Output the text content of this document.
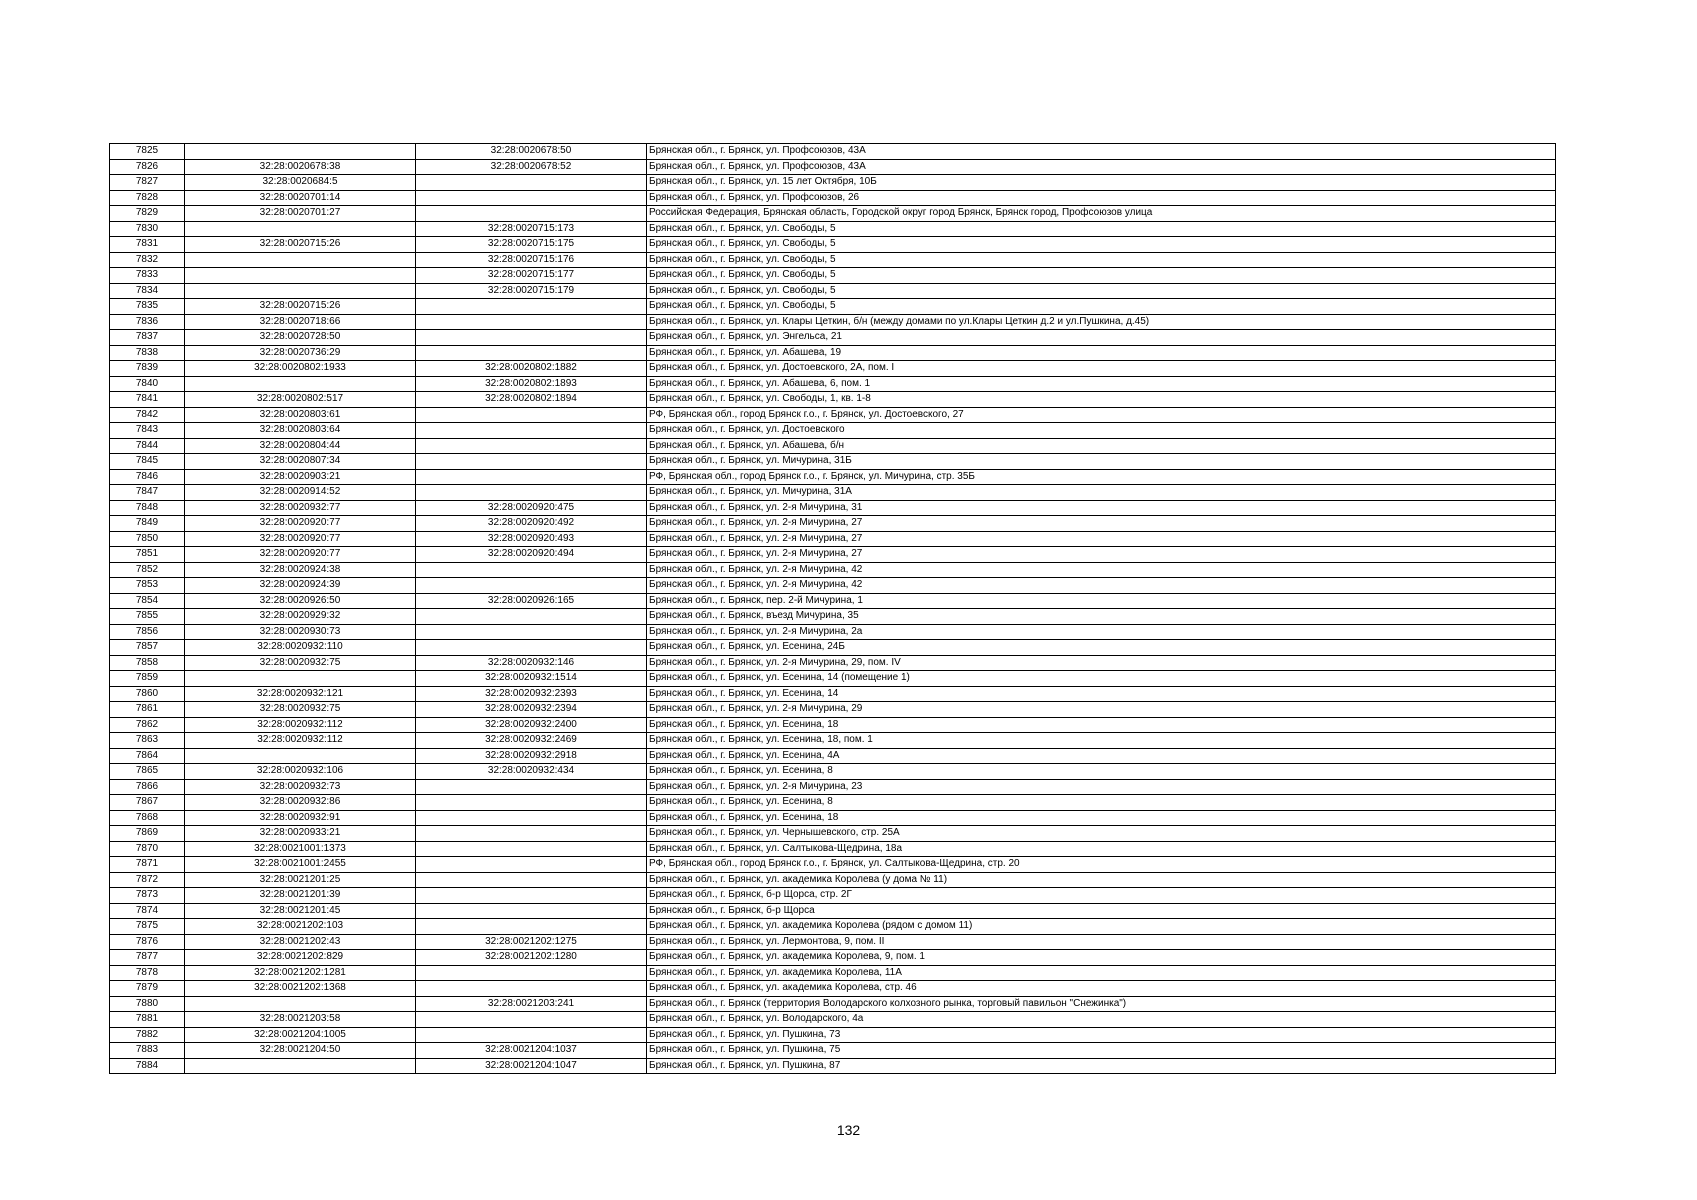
7825		32:28:0020678:50	Брянская обл., г. Брянск, ул. Профсоюзов, 43А
7826	32:28:0020678:38	32:28:0020678:52	Брянская обл., г. Брянск, ул. Профсоюзов, 43А
7827	32:28:0020684:5		Брянская обл., г. Брянск, ул. 15 лет Октября, 10Б
7828	32:28:0020701:14		Брянская обл., г. Брянск, ул. Профсоюзов, 26
7829	32:28:0020701:27		Российская Федерация, Брянская область, Городской округ город Брянск, Брянск город, Профсоюзов улица
7830		32:28:0020715:173	Брянская обл., г. Брянск, ул. Свободы, 5
7831	32:28:0020715:26	32:28:0020715:175	Брянская обл., г. Брянск, ул. Свободы, 5
7832		32:28:0020715:176	Брянская обл., г. Брянск, ул. Свободы, 5
7833		32:28:0020715:177	Брянская обл., г. Брянск, ул. Свободы, 5
7834		32:28:0020715:179	Брянская обл., г. Брянск, ул. Свободы, 5
7835	32:28:0020715:26		Брянская обл., г. Брянск, ул. Свободы, 5
7836	32:28:0020718:66		Брянская обл., г. Брянск, ул. Клары Цеткин, б/н (между домами по ул.Клары Цеткин д.2 и ул.Пушкина, д.45)
7837	32:28:0020728:50		Брянская обл., г. Брянск, ул. Энгельса, 21
7838	32:28:0020736:29		Брянская обл., г. Брянск, ул. Абашева, 19
7839	32:28:0020802:1933	32:28:0020802:1882	Брянская обл., г. Брянск, ул. Достоевского, 2А, пом. I
7840		32:28:0020802:1893	Брянская обл., г. Брянск, ул. Абашева, 6, пом. 1
7841	32:28:0020802:517	32:28:0020802:1894	Брянская обл., г. Брянск, ул. Свободы, 1, кв. 1-8
7842	32:28:0020803:61		РФ, Брянская обл., город Брянск г.о., г. Брянск, ул. Достоевского, 27
7843	32:28:0020803:64		Брянская обл., г. Брянск, ул. Достоевского
7844	32:28:0020804:44		Брянская обл., г. Брянск, ул. Абашева, б/н
7845	32:28:0020807:34		Брянская обл., г. Брянск, ул. Мичурина, 31Б
7846	32:28:0020903:21		РФ, Брянская обл., город Брянск г.о., г. Брянск, ул. Мичурина, стр. 35Б
7847	32:28:0020914:52		Брянская обл., г. Брянск, ул. Мичурина, 31А
7848	32:28:0020932:77	32:28:0020920:475	Брянская обл., г. Брянск, ул. 2-я Мичурина, 31
7849	32:28:0020920:77	32:28:0020920:492	Брянская обл., г. Брянск, ул. 2-я Мичурина, 27
7850	32:28:0020920:77	32:28:0020920:493	Брянская обл., г. Брянск, ул. 2-я Мичурина, 27
7851	32:28:0020920:77	32:28:0020920:494	Брянская обл., г. Брянск, ул. 2-я Мичурина, 27
7852	32:28:0020924:38		Брянская обл., г. Брянск, ул. 2-я Мичурина, 42
7853	32:28:0020924:39		Брянская обл., г. Брянск, ул. 2-я Мичурина, 42
7854	32:28:0020926:50	32:28:0020926:165	Брянская обл., г. Брянск, пер. 2-й Мичурина, 1
7855	32:28:0020929:32		Брянская обл., г. Брянск, въезд Мичурина, 35
7856	32:28:0020930:73		Брянская обл., г. Брянск, ул. 2-я Мичурина, 2а
7857	32:28:0020932:110		Брянская обл., г. Брянск, ул. Есенина, 24Б
7858	32:28:0020932:75	32:28:0020932:146	Брянская обл., г. Брянск, ул. 2-я Мичурина, 29, пом. IV
7859		32:28:0020932:1514	Брянская обл., г. Брянск, ул. Есенина, 14 (помещение 1)
7860	32:28:0020932:121	32:28:0020932:2393	Брянская обл., г. Брянск, ул. Есенина, 14
7861	32:28:0020932:75	32:28:0020932:2394	Брянская обл., г. Брянск, ул. 2-я Мичурина, 29
7862	32:28:0020932:112	32:28:0020932:2400	Брянская обл., г. Брянск, ул. Есенина, 18
7863	32:28:0020932:112	32:28:0020932:2469	Брянская обл., г. Брянск, ул. Есенина, 18, пом. 1
7864		32:28:0020932:2918	Брянская обл., г. Брянск, ул. Есенина, 4А
7865	32:28:0020932:106	32:28:0020932:434	Брянская обл., г. Брянск, ул. Есенина, 8
7866	32:28:0020932:73		Брянская обл., г. Брянск, ул. 2-я Мичурина, 23
7867	32:28:0020932:86		Брянская обл., г. Брянск, ул. Есенина, 8
7868	32:28:0020932:91		Брянская обл., г. Брянск, ул. Есенина, 18
7869	32:28:0020933:21		Брянская обл., г. Брянск, ул. Чернышевского, стр. 25А
7870	32:28:0021001:1373		Брянская обл., г. Брянск, ул. Салтыкова-Щедрина, 18а
7871	32:28:0021001:2455		РФ, Брянская обл., город Брянск г.о., г. Брянск, ул. Салтыкова-Щедрина, стр. 20
7872	32:28:0021201:25		Брянская обл., г. Брянск, ул. академика Королева (у дома № 11)
7873	32:28:0021201:39		Брянская обл., г. Брянск, б-р Щорса, стр. 2Г
7874	32:28:0021201:45		Брянская обл., г. Брянск, б-р Щорса
7875	32:28:0021202:103		Брянская обл., г. Брянск, ул. академика Королева (рядом с домом 11)
7876	32:28:0021202:43	32:28:0021202:1275	Брянская обл., г. Брянск, ул. Лермонтова, 9, пом. II
7877	32:28:0021202:829	32:28:0021202:1280	Брянская обл., г. Брянск, ул. академика Королева, 9, пом. 1
7878	32:28:0021202:1281		Брянская обл., г. Брянск, ул. академика Королева, 11А
7879	32:28:0021202:1368		Брянская обл., г. Брянск, ул. академика Королева, стр. 46
7880		32:28:0021203:241	Брянская обл., г. Брянск (территория Володарского колхозного рынка, торговый павильон "Снежинка")
7881	32:28:0021203:58		Брянская обл., г. Брянск, ул. Володарского, 4а
7882	32:28:0021204:1005		Брянская обл., г. Брянск, ул. Пушкина, 73
7883	32:28:0021204:50	32:28:0021204:1037	Брянская обл., г. Брянск, ул. Пушкина, 75
7884		32:28:0021204:1047	Брянская обл., г. Брянск, ул. Пушкина, 87
132
